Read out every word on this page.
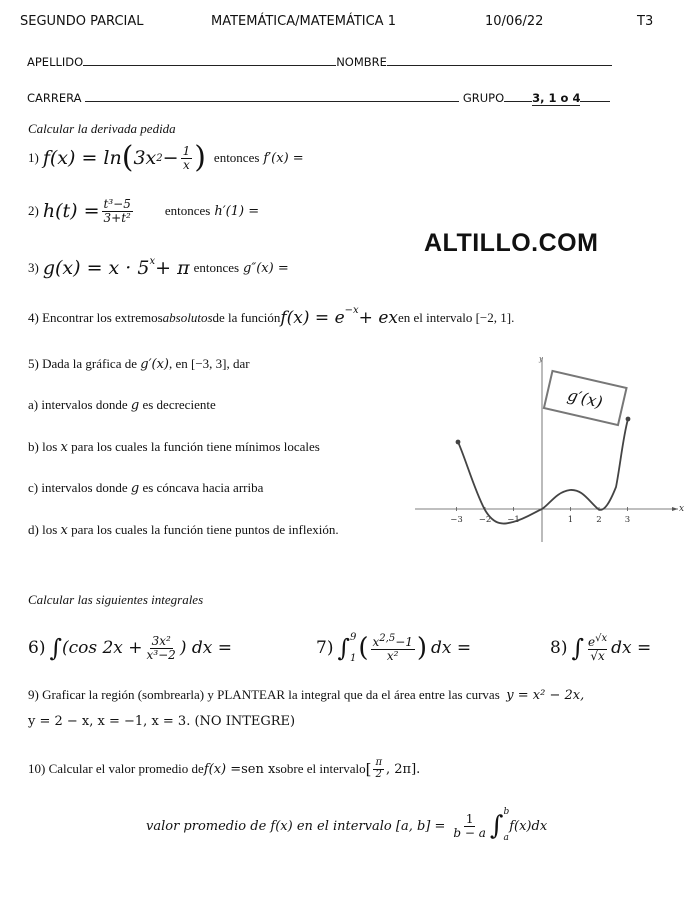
SEGUNDO PARCIAL	MATEMÁTICA/MATEMÁTICA 1	10/06/22	T3
APELLIDO	NOMBRE
CARRERA	GRUPO 3, 1 o 4
Calcular la derivada pedida
1)
f(x) = ln ( 3x $2 - \frac{1}{x}$ )
entonces
f′(x) =
2)
$h(t) = \frac{\text{t³−5}}{\text{3+t²}}$ entonces
h′(1) =
ALTILLO.COM
3)
$g(x) = x \cdot 5^x + \pi$
entonces
g″(x) =
4) Encontrar los extremos absolutos de la función $f(x) = e^{-x}$ + ex en el intervalo [−2, 1].
5) Dada la gráfica de g′(x), en [−3, 3], dar
a) intervalos donde g es decreciente
b) los x para los cuales la función tiene mínimos locales
c) intervalos donde g es cóncava hacia arriba
d) los x para los cuales la función tiene puntos de inflexión.
x
y
−3 −2 −1	1	2	3
g′(x)
Calcular las siguientes integrales
6)
∫ (cos $2x + \frac{\text{3x²}}{\text{x³−2}}$ ) dx =	7)
∫ 9
1 ( $\frac{x^{2,5}-1}{\text{x²}}$ )
dx =	8)
∫ $\frac{e^{√x}}{√x}$ dx =
9) Graficar la región (sombrearla) y PLANTEAR la integral que da el área entre las curvas y = x² − 2x,
y = 2 − x, x = −1, x = 3. (NO INTEGRE)
10) Calcular el valor promedio de f(x) = sen x sobre el intervalo [ $\frac{\pi}{2}$ , 2π].
valor promedio de f(x) en el intervalo [a, b] =
$\frac{1}{b - a}$ ∫ b
a
f(x)dx
